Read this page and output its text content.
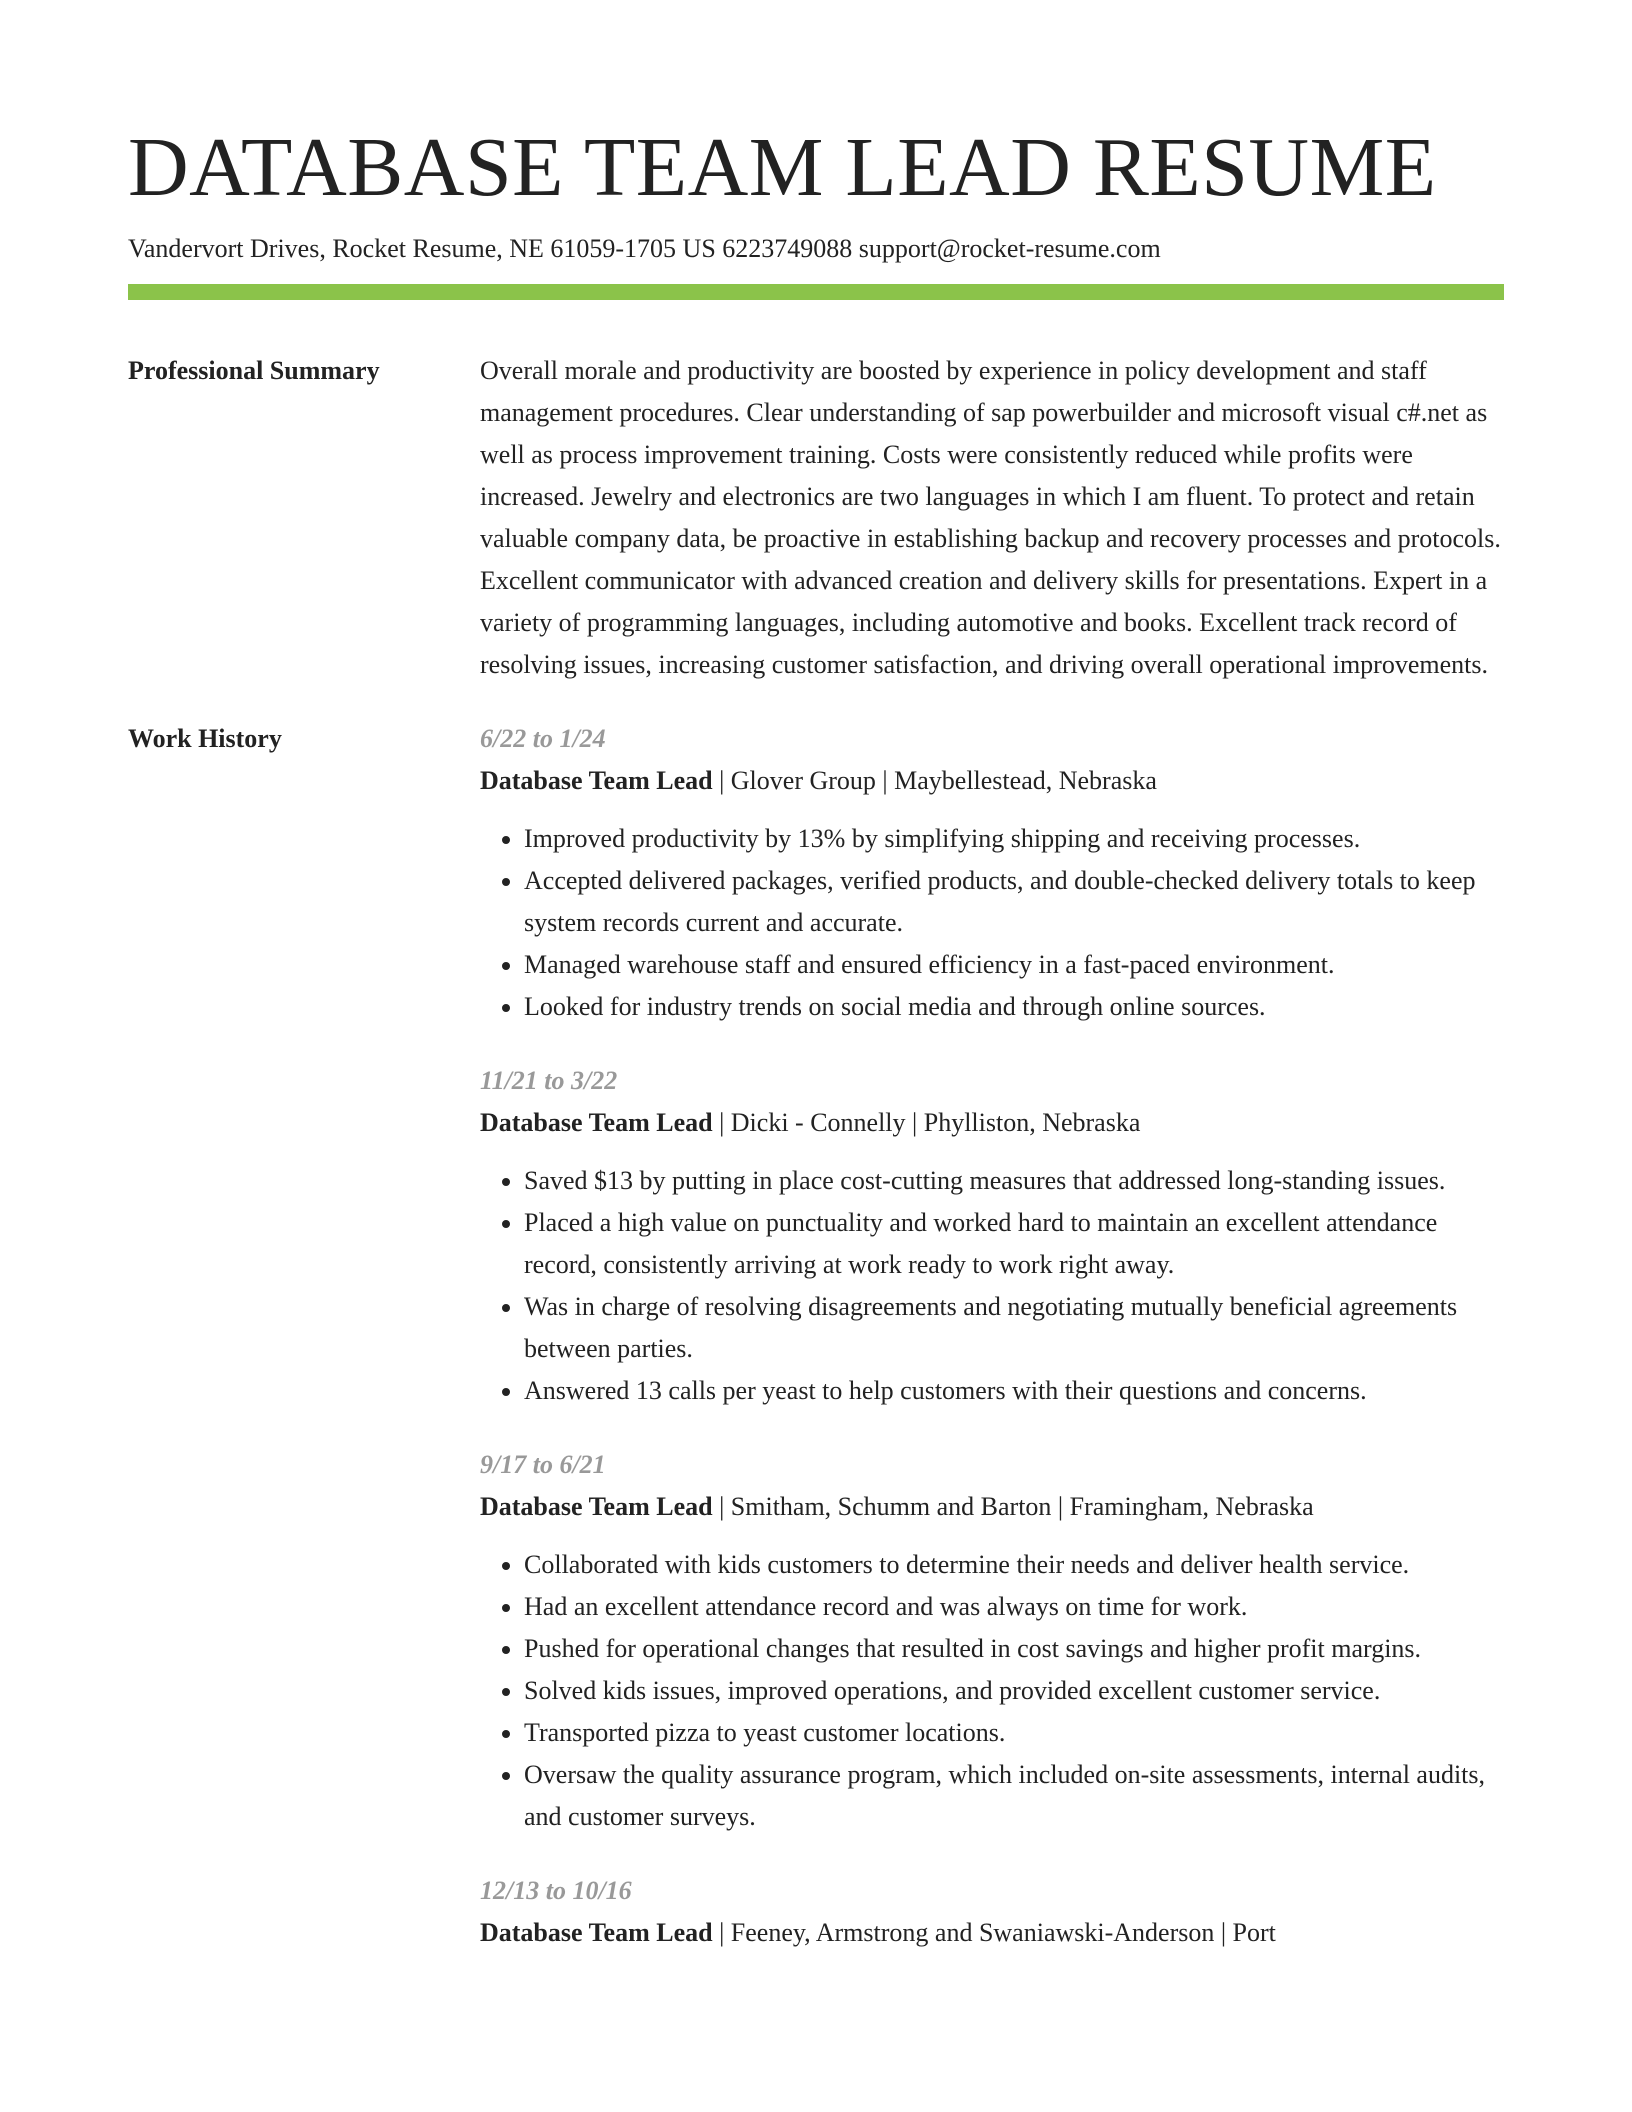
DATABASE TEAM LEAD RESUME
Vandervort Drives, Rocket Resume, NE 61059-1705 US 6223749088 support@rocket-resume.com
Professional Summary	Overall morale and productivity are boosted by experience in policy development and staff management procedures. Clear understanding of sap powerbuilder and microsoft visual c#.net as well as process improvement training. Costs were consistently reduced while profits were increased. Jewelry and electronics are two languages in which I am fluent. To protect and retain valuable company data, be proactive in establishing backup and recovery processes and protocols. Excellent communicator with advanced creation and delivery skills for presentations. Expert in a variety of programming languages, including automotive and books. Excellent track record of resolving issues, increasing customer satisfaction, and driving overall operational improvements.

Work History	6/22 to 1/24
Database Team Lead | Glover Group | Maybellestead, Nebraska
• Improved productivity by 13% by simplifying shipping and receiving processes.
• Accepted delivered packages, verified products, and double-checked delivery totals to keep system records current and accurate.
• Managed warehouse staff and ensured efficiency in a fast-paced environment.
• Looked for industry trends on social media and through online sources.
11/21 to 3/22
Database Team Lead | Dicki - Connelly | Phylliston, Nebraska
• Saved $13 by putting in place cost-cutting measures that addressed long-standing issues.
• Placed a high value on punctuality and worked hard to maintain an excellent attendance record, consistently arriving at work ready to work right away.
• Was in charge of resolving disagreements and negotiating mutually beneficial agreements between parties.
• Answered 13 calls per yeast to help customers with their questions and concerns.
9/17 to 6/21
Database Team Lead | Smitham, Schumm and Barton | Framingham, Nebraska
• Collaborated with kids customers to determine their needs and deliver health service.
• Had an excellent attendance record and was always on time for work.
• Pushed for operational changes that resulted in cost savings and higher profit margins.
• Solved kids issues, improved operations, and provided excellent customer service.
• Transported pizza to yeast customer locations.
• Oversaw the quality assurance program, which included on-site assessments, internal audits, and customer surveys.
12/13 to 10/16
Database Team Lead | Feeney, Armstrong and Swaniawski-Anderson | Port
